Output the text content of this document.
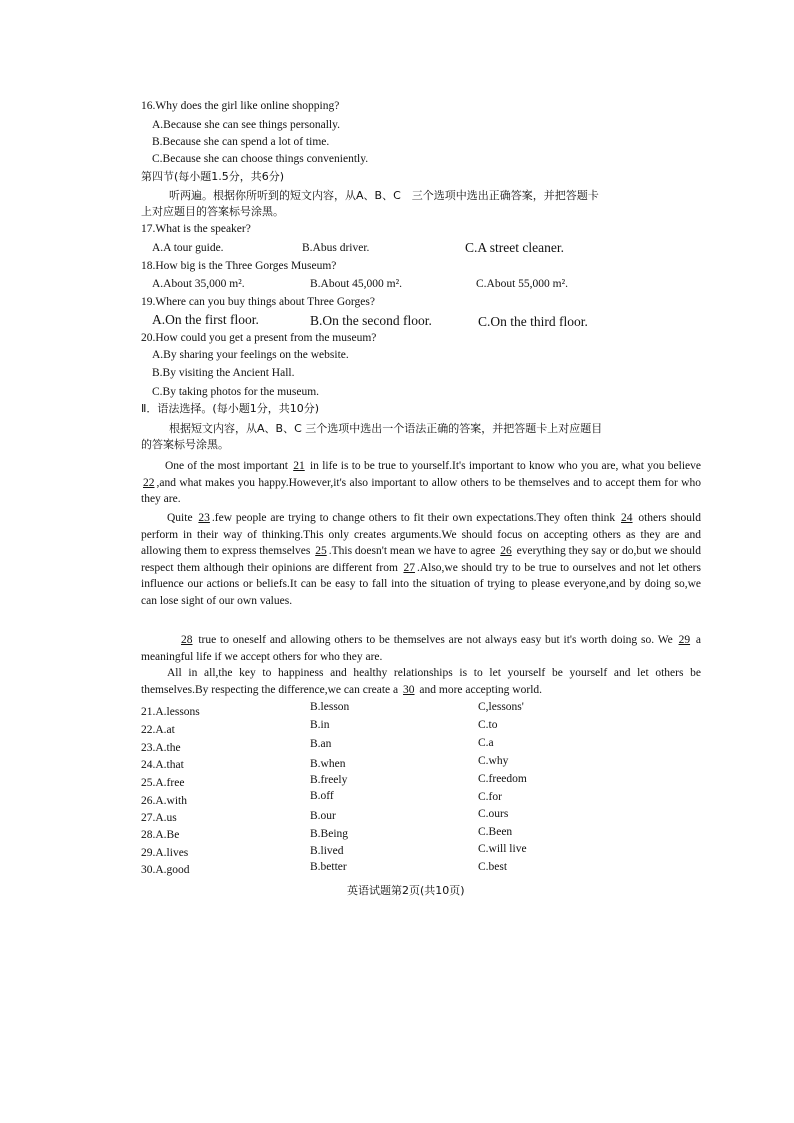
16.Why does the girl like online shopping?
A.Because she can see things personally.
B.Because she can spend a lot of time.
C.Because she can choose things conveniently.
第四节(每小题1.5分，共6分)
听两遍。根据你所听到的短文内容，从A、B、C　三个选项中选出正确答案，并把答题卡
上对应题目的答案标号涂黑。
17.What is the speaker?
A.A tour guide.	B.Abus driver.	C.A street cleaner.
18.How big is the Three Gorges Museum?
A.About 35,000 m².	B.About 45,000 m².	C.About 55,000 m².
19.Where can you buy things about Three Gorges?
A.On the first floor.	B.On the second floor.	C.On the third floor.
20.How could you get a present from the museum?
A.By sharing your feelings on the website.
B.By visiting the Ancient Hall.
C.By taking photos for the museum.
Ⅱ．语法选择。(每小题1分，共10分)
根据短文内容，从A、B、C 三个选项中选出一个语法正确的答案，并把答题卡上对应题目
的答案标号涂黑。
One of the most important 21 in life is to be true to yourself.It's important to know who you are, what you believe 22 ,and what makes you happy.However,it's also important to allow others to be themselves and to accept them for who they are.
Quite 23 .few people are trying to change others to fit their own expectations.They often think 24 others should perform in their way of thinking.This only creates arguments.We should focus on accepting others as they are and allowing them to express themselves 25 .This doesn't mean we have to agree 26 everything they say or do,but we should respect them although their opinions are different from 27 .Also,we should try to be true to ourselves and not let others influence our actions or beliefs.It can be easy to fall into the situation of trying to please everyone,and by doing so,we can lose sight of our own values.
28 true to oneself and allowing others to be themselves are not always easy but it's worth doing so. We 29 a meaningful life if we accept others for who they are.
All in all,the key to happiness and healthy relationships is to let yourself be yourself and let others be themselves.By respecting the difference,we can create a 30 and more accepting world.
21.A.lessons	B.lesson	C,lessons'
22.A.at	B.in	C.to
23.A.the	B.an	C.a
24.A.that	B.when	C.why
25.A.free	B.freely	C.freedom
26.A.with	B.off	C.for
27.A.us	B.our	C.ours
28.A.Be	B.Being	C.Been
29.A.lives	B.lived	C.will live
30.A.good	B.better	C.best
英语试题第2页(共10页)
